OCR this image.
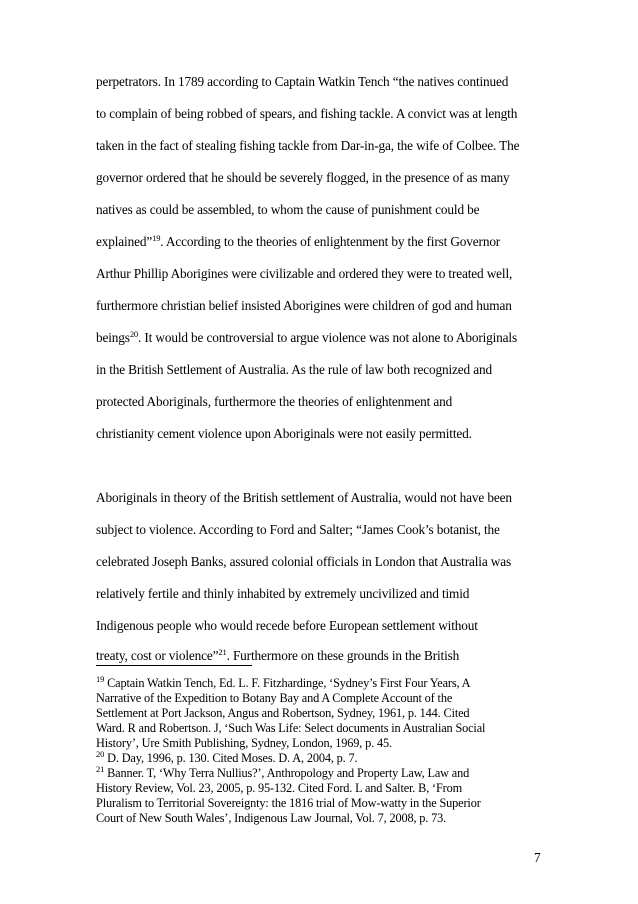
perpetrators. In 1789 according to Captain Watkin Tench “the natives continued
to complain of being robbed of spears, and fishing tackle. A convict was at length
taken in the fact of stealing fishing tackle from Dar-in-ga, the wife of Colbee. The
governor ordered that he should be severely flogged, in the presence of as many
natives as could be assembled, to whom the cause of punishment could be
explained”$^{19}$. According to the theories of enlightenment by the first Governor
Arthur Phillip Aborigines were civilizable and ordered they were to treated well,
furthermore christian belief insisted Aborigines were children of god and human
beings$^{20}$. It would be controversial to argue violence was not alone to Aboriginals
in the British Settlement of Australia. As the rule of law both recognized and
protected Aboriginals, furthermore the theories of enlightenment and
christianity cement violence upon Aboriginals were not easily permitted.
Aboriginals in theory of the British settlement of Australia, would not have been
subject to violence. According to Ford and Salter; “James Cook’s botanist, the
celebrated Joseph Banks, assured colonial officials in London that Australia was
relatively fertile and thinly inhabited by extremely uncivilized and timid
Indigenous people who would recede before European settlement without
treaty, cost or violence”$^{21}$. Furthermore on these grounds in the British
$^{19}$ Captain Watkin Tench, Ed. L. F. Fitzhardinge, ‘Sydney’s First Four Years, A
Narrative of the Expedition to Botany Bay and A Complete Account of the
Settlement at Port Jackson, Angus and Robertson, Sydney, 1961, p. 144. Cited
Ward. R and Robertson. J, ‘Such Was Life: Select documents in Australian Social
History’, Ure Smith Publishing, Sydney, London, 1969, p. 45.
$^{20}$ D. Day, 1996, p. 130. Cited Moses. D. A, 2004, p. 7.
$^{21}$ Banner. T, ‘Why Terra Nullius?’, Anthropology and Property Law, Law and
History Review, Vol. 23, 2005, p. 95-132. Cited Ford. L and Salter. B, ‘From
Pluralism to Territorial Sovereignty: the 1816 trial of Mow-watty in the Superior
Court of New South Wales’, Indigenous Law Journal, Vol. 7, 2008, p. 73.
7
